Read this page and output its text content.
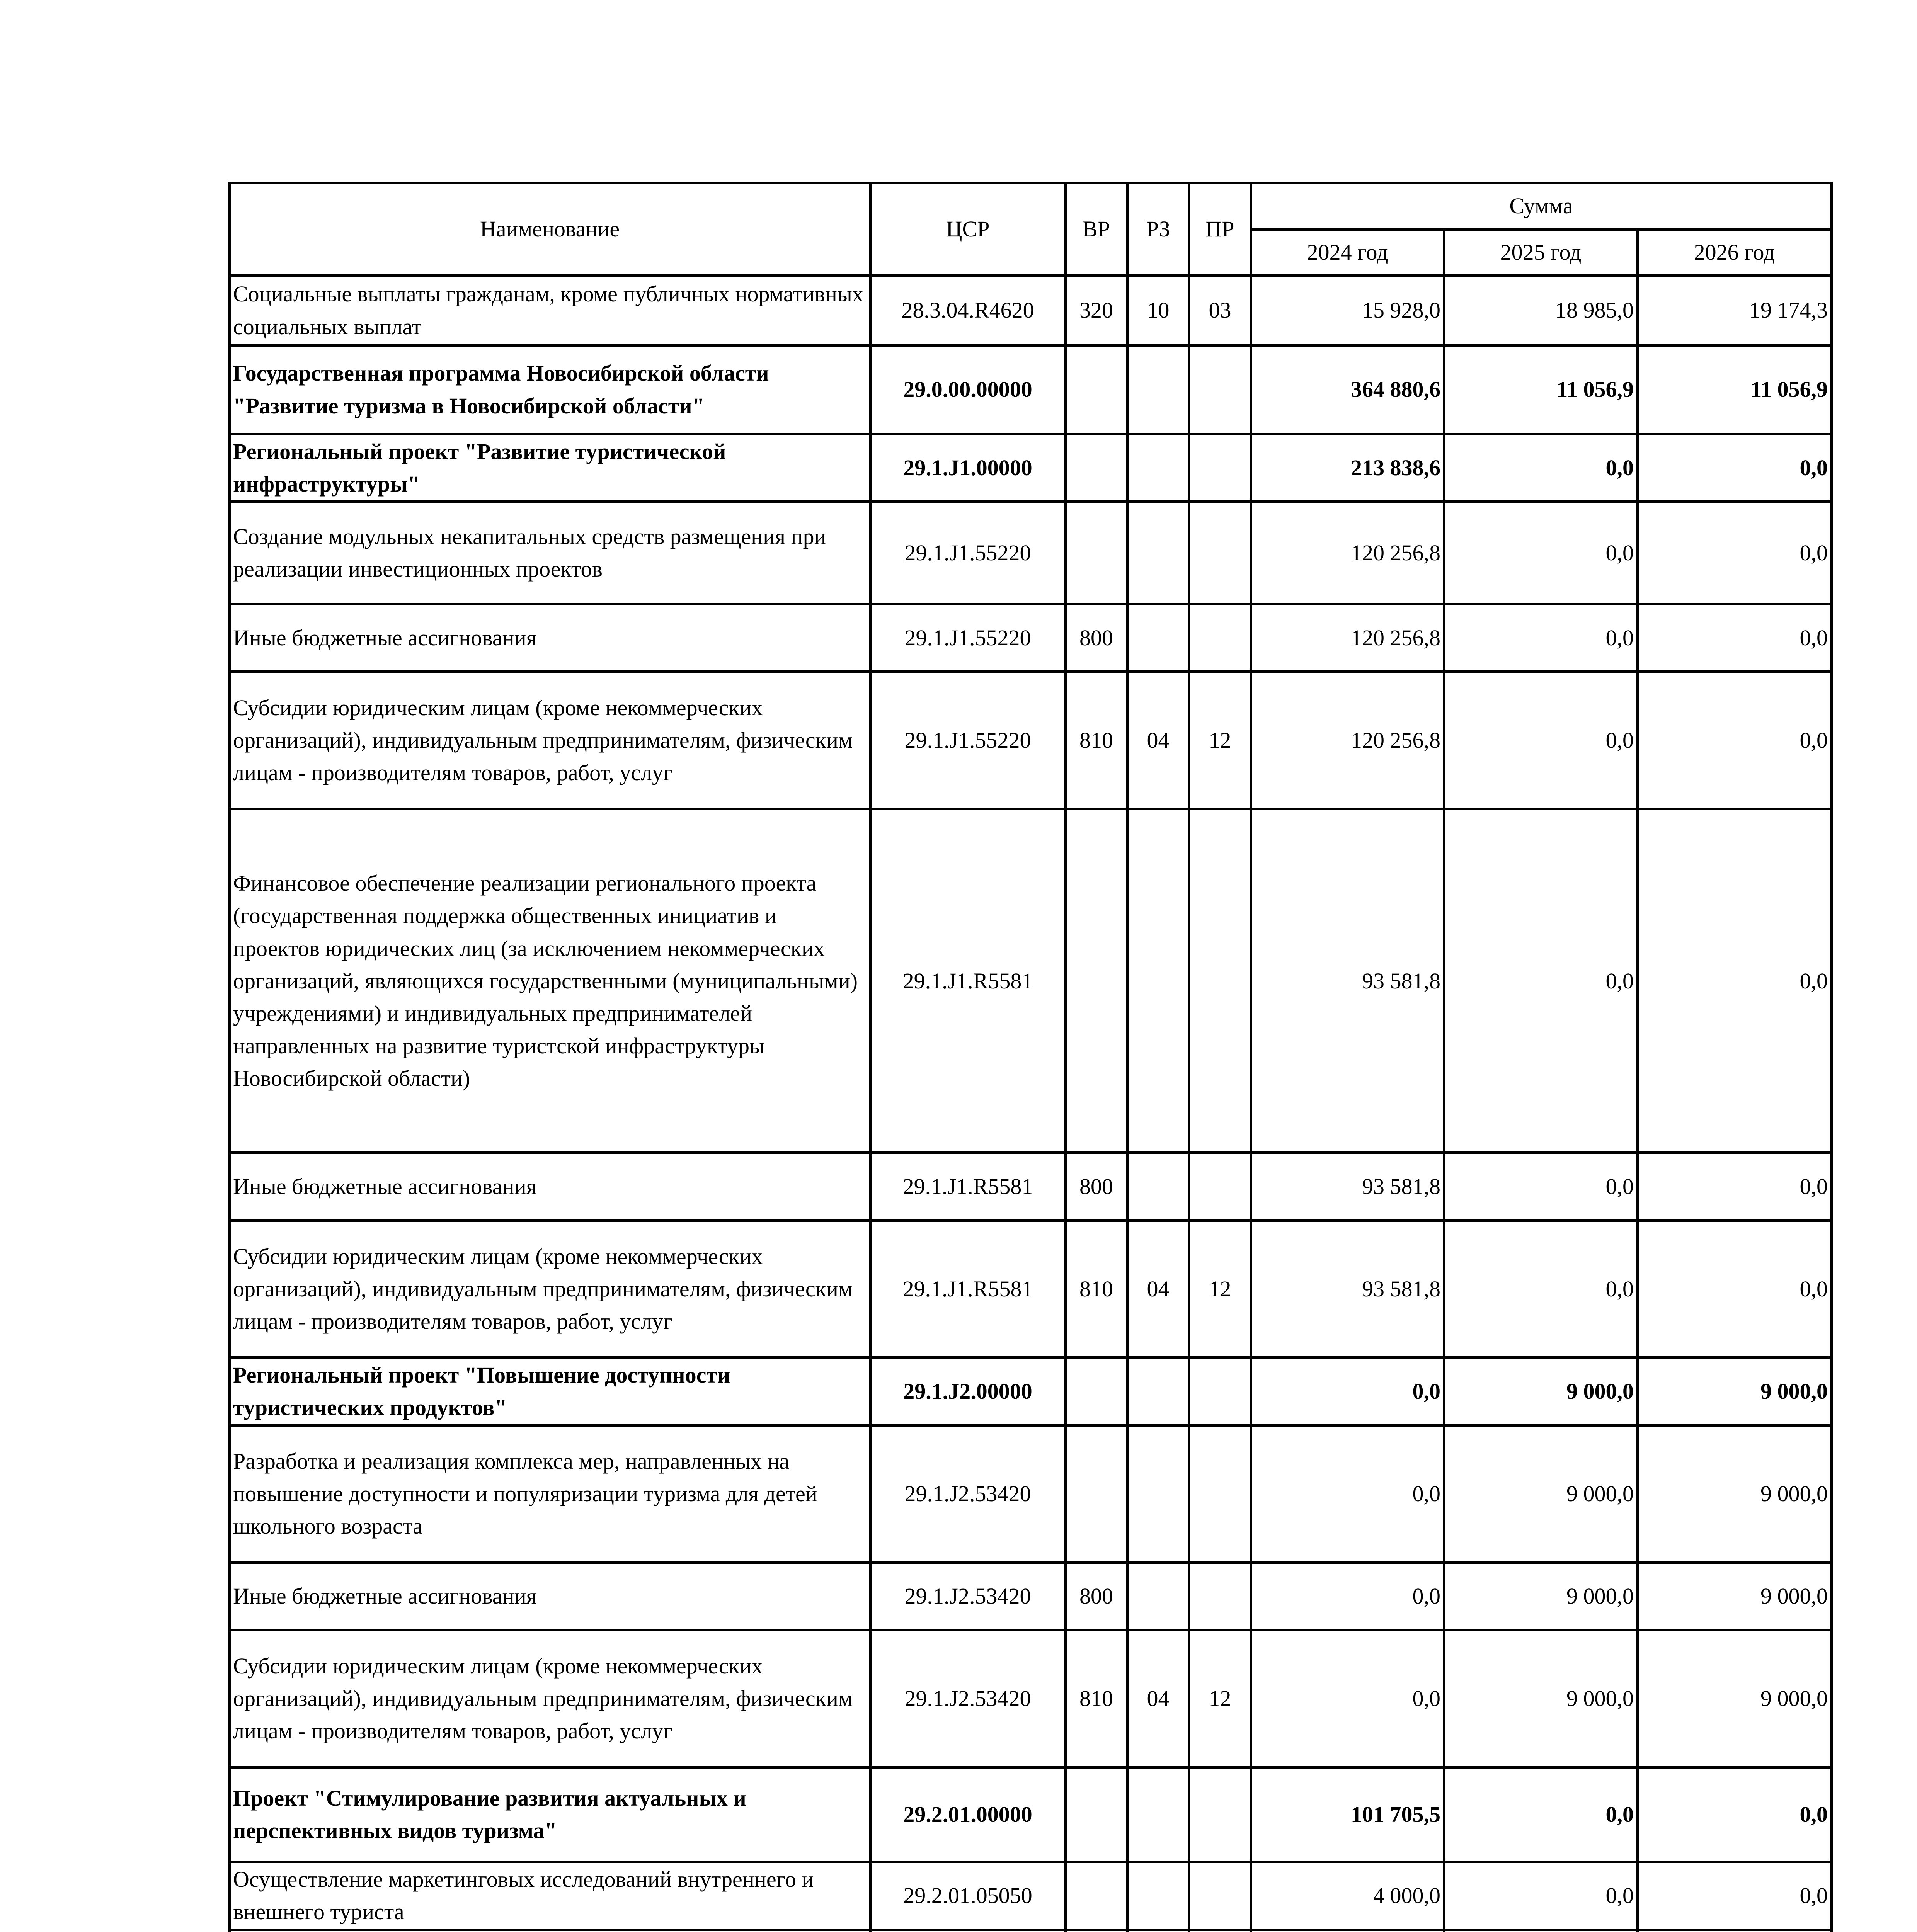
Наименование	ЦСР	ВР	РЗ	ПР	Сумма		
					2024 год	2025 год	2026 год
Социальные выплаты гражданам, кроме публичных нормативных социальных выплат	28.3.04.R4620	320	10	03	15 928,0	18 985,0	19 174,3
Государственная программа Новосибирской области "Развитие туризма в Новосибирской области"	29.0.00.00000				364 880,6	11 056,9	11 056,9
Региональный проект "Развитие туристической инфраструктуры"	29.1.J1.00000				213 838,6	0,0	0,0
Создание модульных некапитальных средств размещения при реализации инвестиционных проектов	29.1.J1.55220				120 256,8	0,0	0,0
Иные бюджетные ассигнования	29.1.J1.55220	800			120 256,8	0,0	0,0
Субсидии юридическим лицам (кроме некоммерческих организаций), индивидуальным предпринимателям, физическим лицам - производителям товаров, работ, услуг	29.1.J1.55220	810	04	12	120 256,8	0,0	0,0
Финансовое обеспечение реализации регионального проекта (государственная поддержка общественных инициатив и проектов юридических лиц (за исключением некоммерческих организаций, являющихся государственными (муниципальными) учреждениями) и индивидуальных предпринимателей направленных на развитие туристской инфраструктуры Новосибирской области)	29.1.J1.R5581				93 581,8	0,0	0,0
Иные бюджетные ассигнования	29.1.J1.R5581	800			93 581,8	0,0	0,0
Субсидии юридическим лицам (кроме некоммерческих организаций), индивидуальным предпринимателям, физическим лицам - производителям товаров, работ, услуг	29.1.J1.R5581	810	04	12	93 581,8	0,0	0,0
Региональный проект "Повышение доступности туристических продуктов"	29.1.J2.00000				0,0	9 000,0	9 000,0
Разработка и реализация комплекса мер, направленных на повышение доступности и популяризации туризма для детей школьного возраста	29.1.J2.53420				0,0	9 000,0	9 000,0
Иные бюджетные ассигнования	29.1.J2.53420	800			0,0	9 000,0	9 000,0
Субсидии юридическим лицам (кроме некоммерческих организаций), индивидуальным предпринимателям, физическим лицам - производителям товаров, работ, услуг	29.1.J2.53420	810	04	12	0,0	9 000,0	9 000,0
Проект "Стимулирование развития актуальных и перспективных видов туризма"	29.2.01.00000				101 705,5	0,0	0,0
Осуществление маркетинговых исследований внутреннего и внешнего туриста	29.2.01.05050				4 000,0	0,0	0,0
